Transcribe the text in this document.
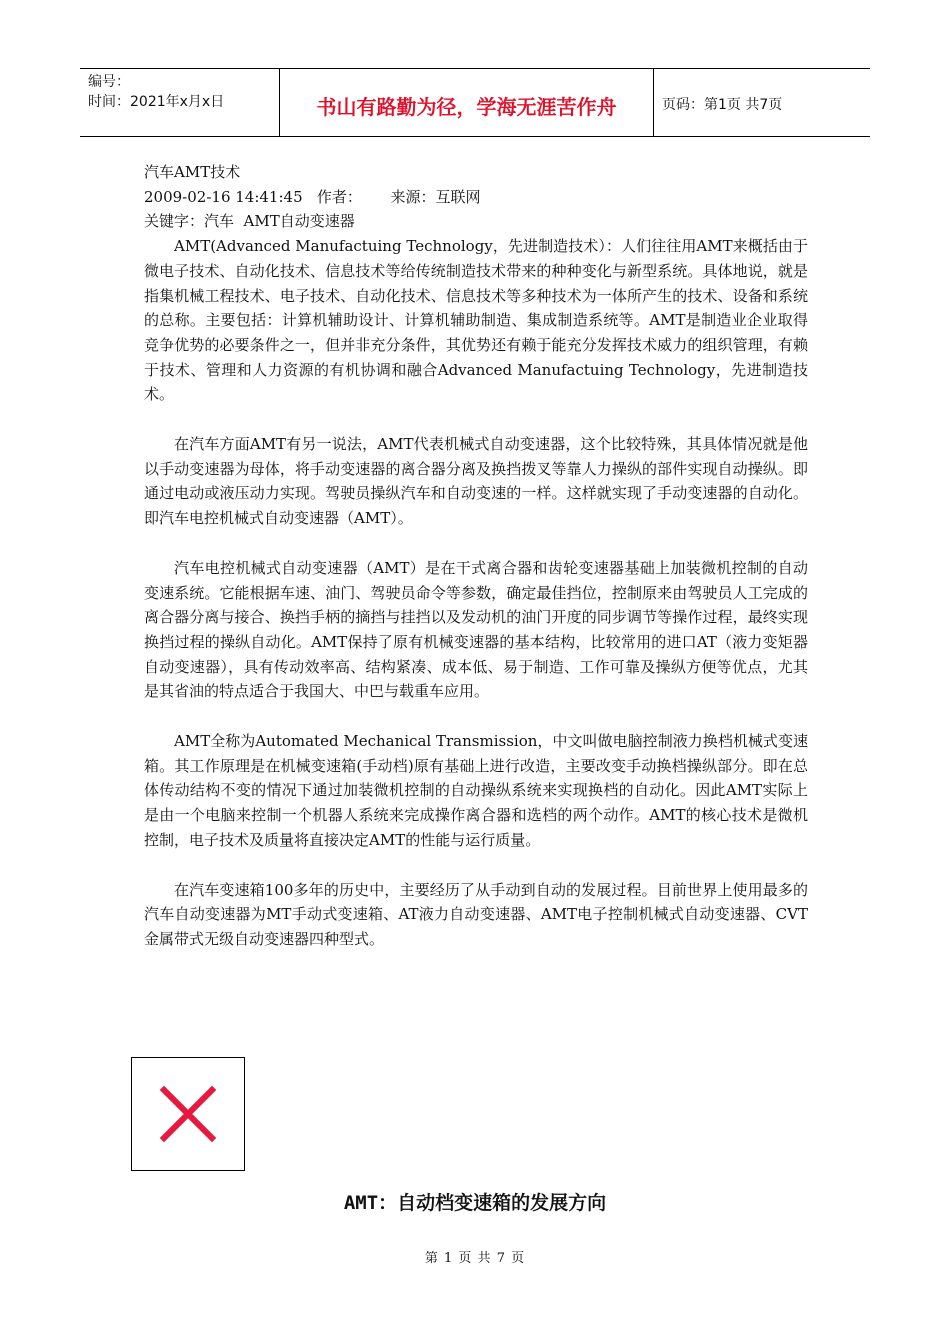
编号：
时间：2021年x月x日	书山有路勤为径，学海无涯苦作舟	页码：第1页 共7页

汽车AMT技术

2009-02-16 14:41:45   作者：      来源：互联网

关键字：汽车  AMT自动变速器

AMT(Advanced Manufactuing Technology，先进制造技术）：人们往往用AMT来概括由于微电子技术、自动化技术、信息技术等给传统制造技术带来的种种变化与新型系统。具体地说，就是指集机械工程技术、电子技术、自动化技术、信息技术等多种技术为一体所产生的技术、设备和系统的总称。主要包括：计算机辅助设计、计算机辅助制造、集成制造系统等。AMT是制造业企业取得竞争优势的必要条件之一，但并非充分条件，其优势还有赖于能充分发挥技术威力的组织管理，有赖于技术、管理和人力资源的有机协调和融合Advanced Manufactuing Technology，先进制造技术。

在汽车方面AMT有另一说法，AMT代表机械式自动变速器，这个比较特殊，其具体情况就是他以手动变速器为母体，将手动变速器的离合器分离及换挡拨叉等靠人力操纵的部件实现自动操纵。即通过电动或液压动力实现。驾驶员操纵汽车和自动变速的一样。这样就实现了手动变速器的自动化。即汽车电控机械式自动变速器（AMT）。

汽车电控机械式自动变速器（AMT）是在干式离合器和齿轮变速器基础上加装微机控制的自动变速系统。它能根据车速、油门、驾驶员命令等参数，确定最佳挡位，控制原来由驾驶员人工完成的离合器分离与接合、换挡手柄的摘挡与挂挡以及发动机的油门开度的同步调节等操作过程，最终实现换挡过程的操纵自动化。AMT保持了原有机械变速器的基本结构，比较常用的进口AT（液力变矩器自动变速器），具有传动效率高、结构紧凑、成本低、易于制造、工作可靠及操纵方便等优点，尤其是其省油的特点适合于我国大、中巴与载重车应用。

AMT全称为Automated Mechanical Transmission，中文叫做电脑控制液力换档机械式变速箱。其工作原理是在机械变速箱(手动档)原有基础上进行改造，主要改变手动换档操纵部分。即在总体传动结构不变的情况下通过加装微机控制的自动操纵系统来实现换档的自动化。因此AMT实际上是由一个电脑来控制一个机器人系统来完成操作离合器和选档的两个动作。AMT的核心技术是微机控制，电子技术及质量将直接决定AMT的性能与运行质量。

在汽车变速箱100多年的历史中，主要经历了从手动到自动的发展过程。目前世界上使用最多的汽车自动变速器为MT手动式变速箱、AT液力自动变速器、AMT电子控制机械式自动变速器、CVT金属带式无级自动变速器四种型式。

AMT：自动档变速箱的发展方向
第 1 页 共 7 页
